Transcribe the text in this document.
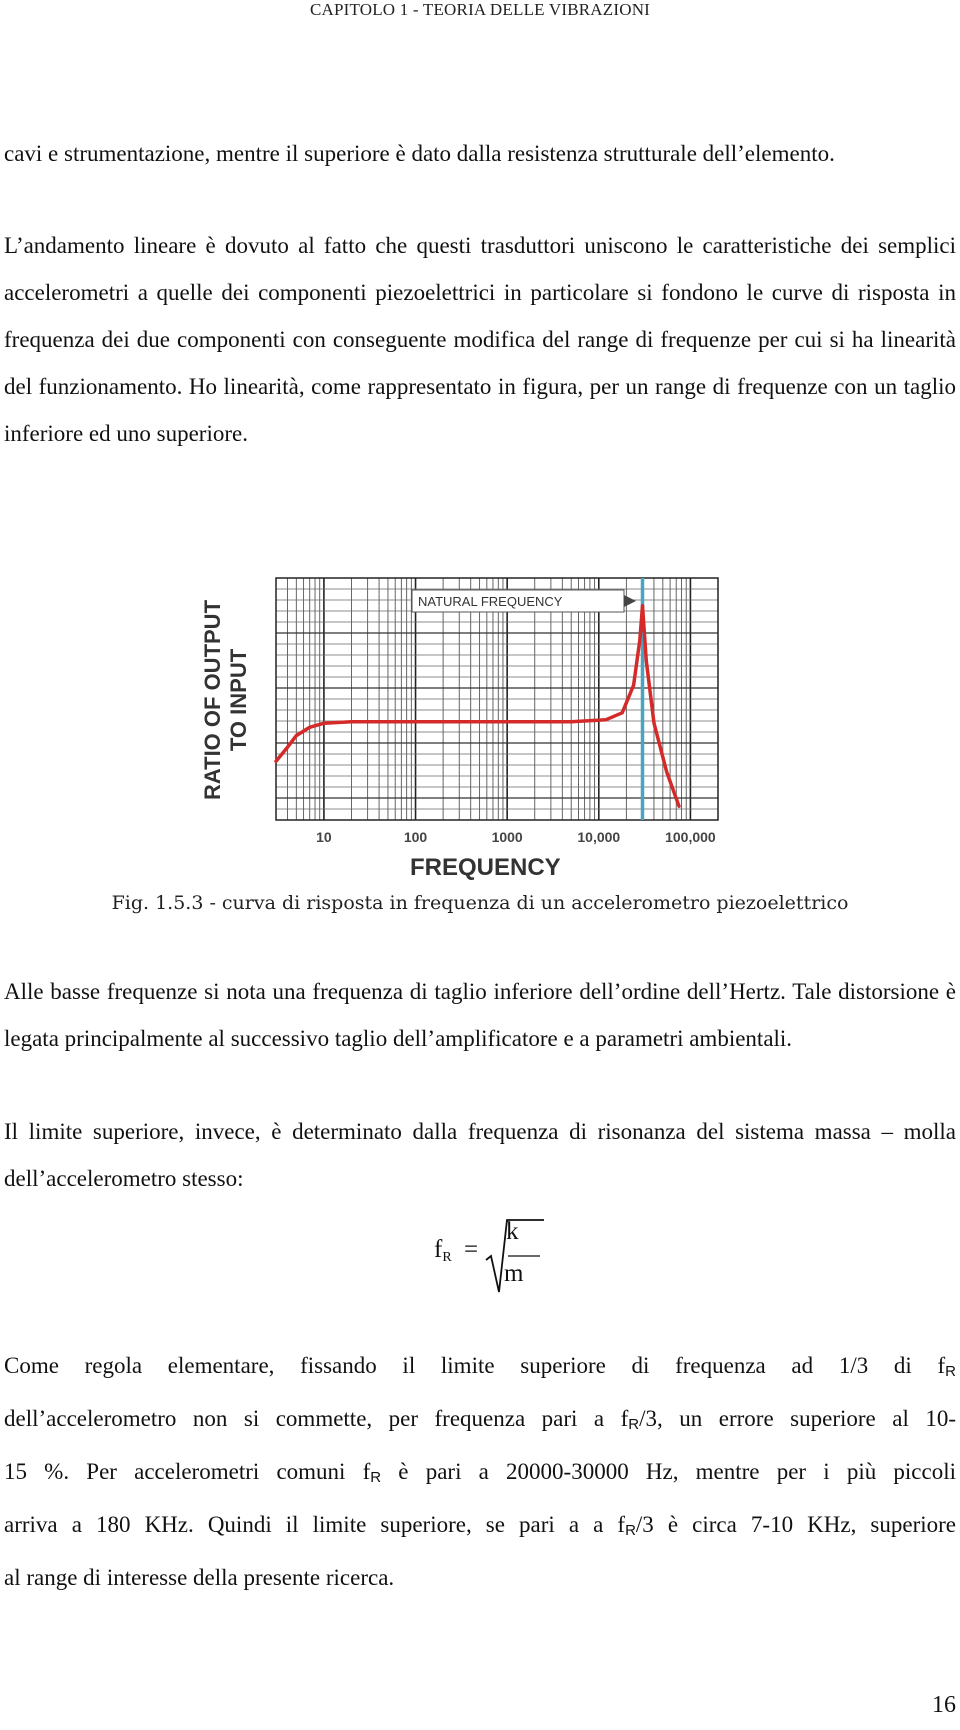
CAPITOLO 1 - TEORIA DELLE VIBRAZIONI
cavi e strumentazione, mentre il superiore è dato dalla resistenza strutturale dell’elemento.
L’andamento lineare è dovuto al fatto che questi trasduttori uniscono le caratteristiche dei semplici accelerometri a quelle dei componenti piezoelettrici in particolare si fondono le curve di risposta in frequenza dei due componenti con conseguente modifica del range di frequenze per cui si ha linearità del funzionamento. Ho linearità, come rappresentato in figura, per un range di frequenze con un taglio inferiore ed uno superiore.
NATURAL FREQUENCY
10	100	1000	10,000	100,000
FREQUENCY
RATIO OF OUTPUT TO INPUT
Fig. 1.5.3 - curva di risposta in frequenza di un accelerometro piezoelettrico
Alle basse frequenze si nota una frequenza di taglio inferiore dell’ordine dell’Hertz. Tale distorsione è legata principalmente al successivo taglio dell’amplificatore e a parametri ambientali.
Il limite superiore, invece, è determinato dalla frequenza di risonanza del sistema massa – molla dell’accelerometro stesso:
$f_R$ =
k
m
Come regola elementare, fissando il limite superiore di frequenza ad 1/3 di $f_R$
dell’accelerometro non si commette, per frequenza pari a $f_R/3$, un errore superiore al 10-
15 %. Per accelerometri comuni $f_R$ è pari a 20000-30000 Hz, mentre per i più piccoli
arriva a 180 KHz. Quindi il limite superiore, se pari a a $f_R/3$ è circa 7-10 KHz, superiore
al range di interesse della presente ricerca.
16
